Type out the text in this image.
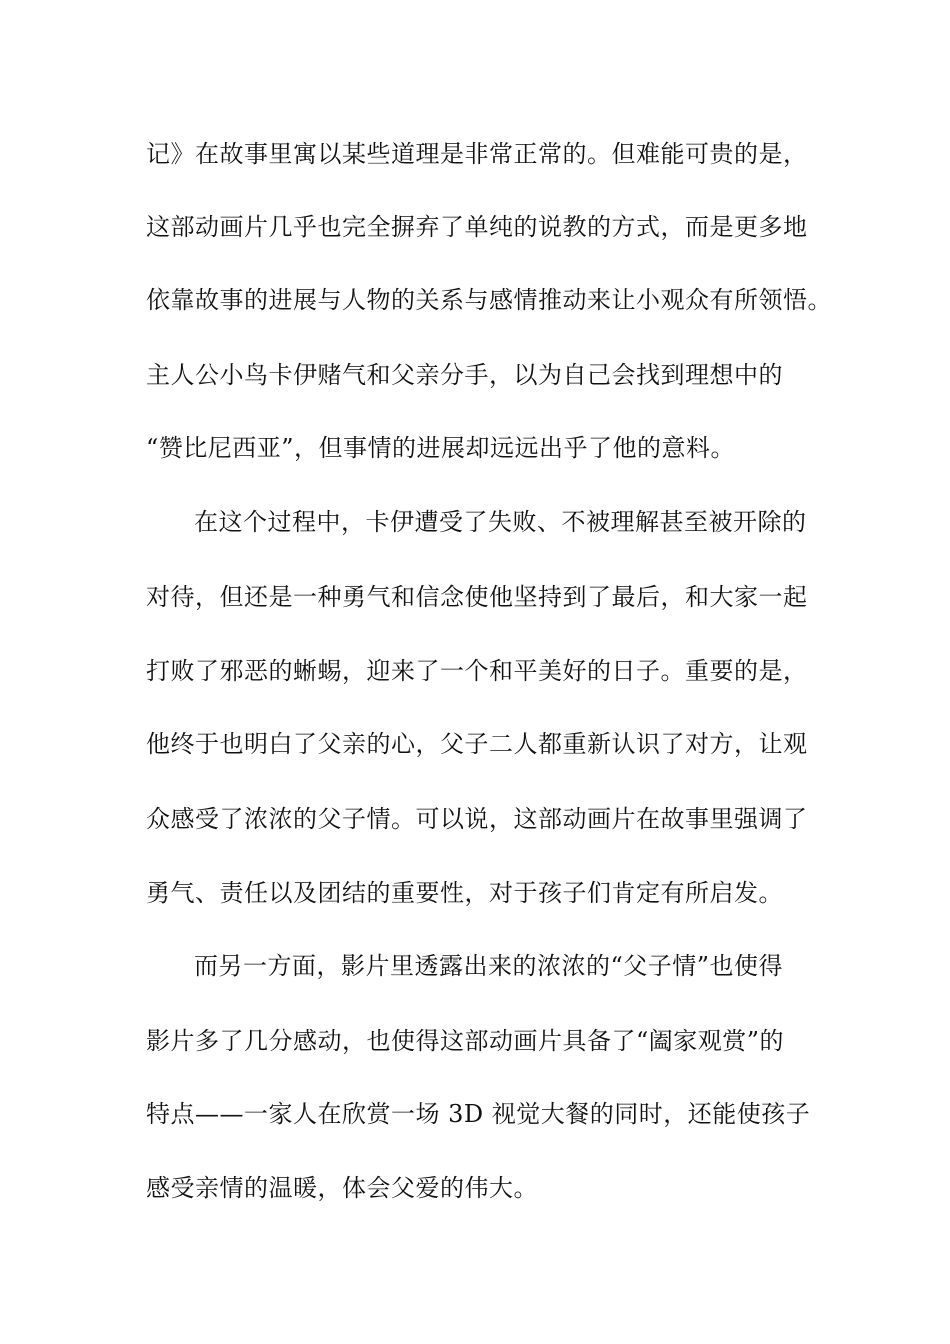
记》在故事里寓以某些道理是非常正常的。但难能可贵的是，
这部动画片几乎也完全摒弃了单纯的说教的方式，而是更多地
依靠故事的进展与人物的关系与感情推动来让小观众有所领悟。
主人公小鸟卡伊赌气和父亲分手，以为自己会找到理想中的
“赞比尼西亚”，但事情的进展却远远出乎了他的意料。
在这个过程中，卡伊遭受了失败、不被理解甚至被开除的
对待，但还是一种勇气和信念使他坚持到了最后，和大家一起
打败了邪恶的蜥蜴，迎来了一个和平美好的日子。重要的是，
他终于也明白了父亲的心，父子二人都重新认识了对方，让观
众感受了浓浓的父子情。可以说，这部动画片在故事里强调了
勇气、责任以及团结的重要性，对于孩子们肯定有所启发。
而另一方面，影片里透露出来的浓浓的“父子情”也使得
影片多了几分感动，也使得这部动画片具备了“阖家观赏”的
特点——一家人在欣赏一场 3D 视觉大餐的同时，还能使孩子
感受亲情的温暖，体会父爱的伟大。
